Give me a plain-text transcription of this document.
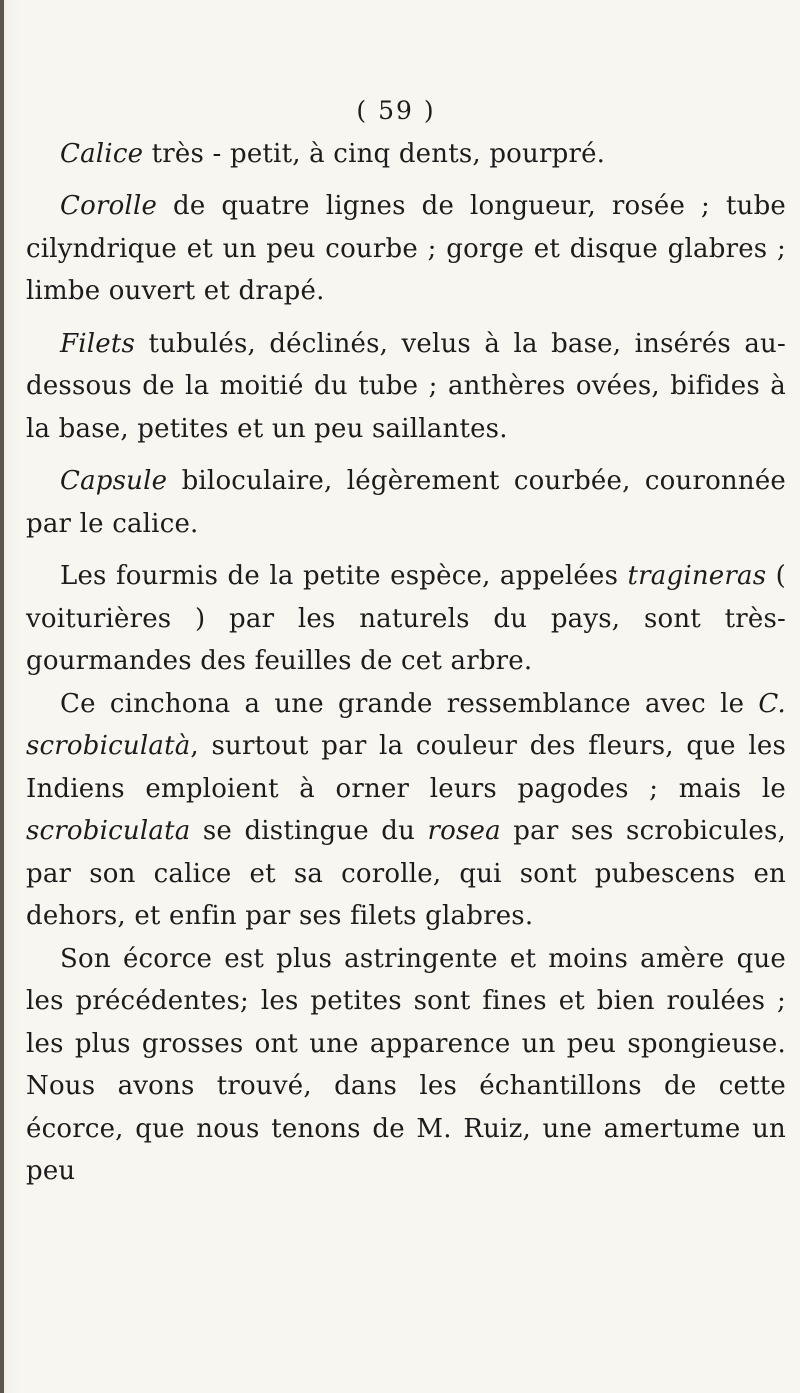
( 59 )

Calice très - petit, à cinq dents, pourpré.

Corolle de quatre lignes de longueur, rosée ; tube cilyndrique et un peu courbe ; gorge et disque glabres ; limbe ouvert et drapé.

Filets tubulés, déclinés, velus à la base, insérés au-dessous de la moitié du tube ; anthères ovées, bifides à la base, petites et un peu saillantes.

Capsule biloculaire, légèrement courbée, couronnée par le calice.

Les fourmis de la petite espèce, appelées tragineras ( voiturières ) par les naturels du pays, sont très-gourmandes des feuilles de cet arbre.

Ce cinchona a une grande ressemblance avec le C. scrobiculatà, surtout par la couleur des fleurs, que les Indiens emploient à orner leurs pagodes ; mais le scrobiculata se distingue du rosea par ses scrobicules, par son calice et sa corolle, qui sont pubescens en dehors, et enfin par ses filets glabres.

Son écorce est plus astringente et moins amère que les précédentes; les petites sont fines et bien roulées ; les plus grosses ont une apparence un peu spongieuse. Nous avons trouvé, dans les échantillons de cette écorce, que nous tenons de M. Ruiz, une amertume un peu
